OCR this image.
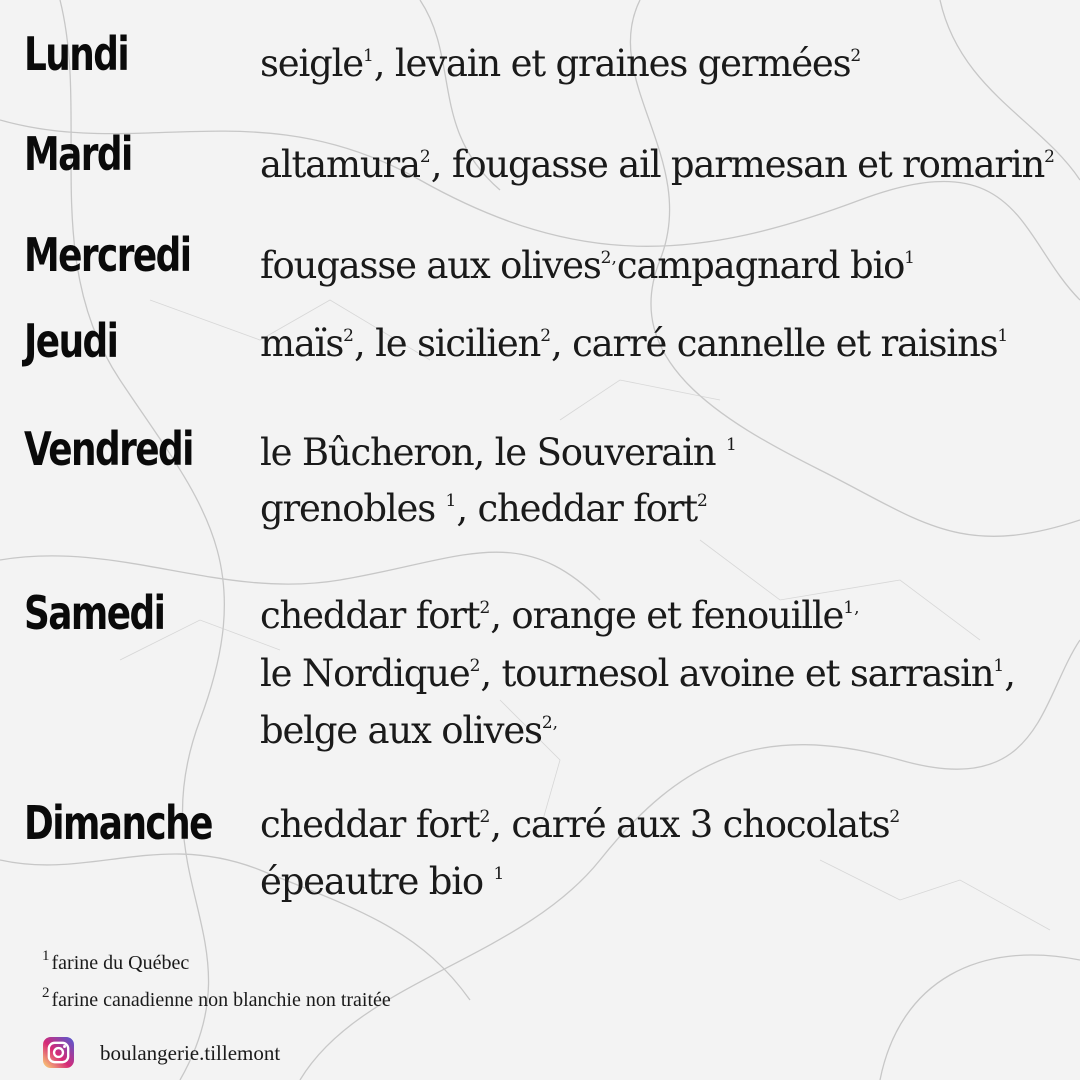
Lundi	seigle$^1$, levain et graines germées$^2$
Mardi	altamura$^2$, fougasse ail parmesan et romarin$^2$
Mercredi fougasse aux olives$^{2,}$campagnard bio$^1$
Jeudi	maïs$^2$, le sicilien$^2$, carré cannelle et raisins$^1$
Vendredi le Bûcheron, le Souverain $^1$
grenobles $^1$, cheddar fort$^2$
Samedi	cheddar fort$^2$, orange et fenouille$^{1,}$
le Nordique$^2$, tournesol avoine et sarrasin$^1$,
belge aux olives$^{2,}$
Dimanche cheddar fort$^2$, carré aux 3 chocolats$^2$
épeautre bio $^1$
$^1$ farine du Québec
$^2$ farine canadienne non blanchie non traitée
boulangerie.tillemont
